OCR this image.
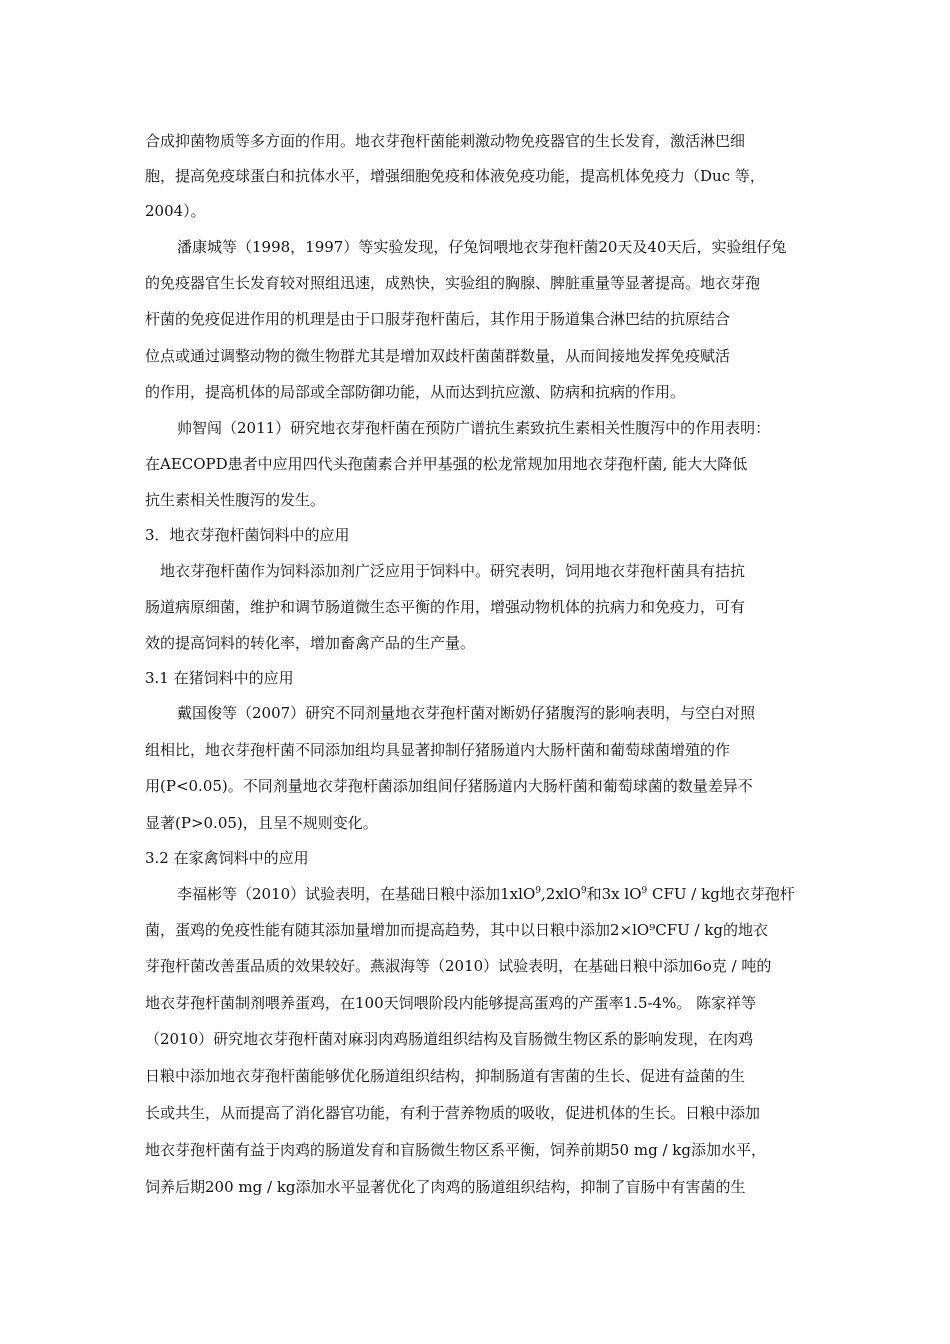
合成抑菌物质等多方面的作用。地衣芽孢杆菌能刺激动物免疫器官的生长发育，激活淋巴细
胞，提高免疫球蛋白和抗体水平，增强细胞免疫和体液免疫功能，提高机体免疫力（Duc 等，
2004）。
潘康城等（1998，1997）等实验发现，仔兔饲喂地衣芽孢杆菌20天及40天后，实验组仔兔
的免疫器官生长发育较对照组迅速，成熟快，实验组的胸腺、脾脏重量等显著提高。地衣芽孢
杆菌的免疫促进作用的机理是由于口服芽孢杆菌后，其作用于肠道集合淋巴结的抗原结合
位点或通过调整动物的微生物群尤其是增加双歧杆菌菌群数量，从而间接地发挥免疫赋活
的作用，提高机体的局部或全部防御功能，从而达到抗应激、防病和抗病的作用。
帅智闯（2011）研究地衣芽孢杆菌在预防广谱抗生素致抗生素相关性腹泻中的作用表明：
在AECOPD患者中应用四代头孢菌素合并甲基强的松龙常规加用地衣芽孢杆菌, 能大大降低
抗生素相关性腹泻的发生。
3．地衣芽孢杆菌饲料中的应用
地衣芽孢杆菌作为饲料添加剂广泛应用于饲料中。研究表明，饲用地衣芽孢杆菌具有拮抗
肠道病原细菌，维护和调节肠道微生态平衡的作用，增强动物机体的抗病力和免疫力，可有
效的提高饲料的转化率，增加畜禽产品的生产量。
3.1 在猪饲料中的应用
戴国俊等（2007）研究不同剂量地衣芽孢杆菌对断奶仔猪腹泻的影响表明，与空白对照
组相比，地衣芽孢杆菌不同添加组均具显著抑制仔猪肠道内大肠杆菌和葡萄球菌增殖的作
用(P<0.05)。不同剂量地衣芽孢杆菌添加组间仔猪肠道内大肠杆菌和葡萄球菌的数量差异不
显著(P>0.05)，且呈不规则变化。
3.2 在家禽饲料中的应用
李福彬等（2010）试验表明，在基础日粮中添加1xlO$^9$,2xlO$^9$和3x $lO^9$ CFU / kg地衣芽孢杆
菌，蛋鸡的免疫性能有随其添加量增加而提高趋势，其中以日粮中添加2×lO⁹CFU / kg的地衣
芽孢杆菌改善蛋品质的效果较好。燕淑海等（2010）试验表明，在基础日粮中添加6o克 / 吨的
地衣芽孢杆菌制剂喂养蛋鸡，在100天饲喂阶段内能够提高蛋鸡的产蛋率1.5-4%。 陈家祥等
（2010）研究地衣芽孢杆菌对麻羽肉鸡肠道组织结构及盲肠微生物区系的影响发现，在肉鸡
日粮中添加地衣芽孢杆菌能够优化肠道组织结构，抑制肠道有害菌的生长、促进有益菌的生
长或共生，从而提高了消化器官功能，有利于营养物质的吸收，促进机体的生长。日粮中添加
地衣芽孢杆菌有益于肉鸡的肠道发育和盲肠微生物区系平衡，饲养前期50 mg / kg添加水平，
饲养后期200 mg / kg添加水平显著优化了肉鸡的肠道组织结构，抑制了盲肠中有害菌的生
